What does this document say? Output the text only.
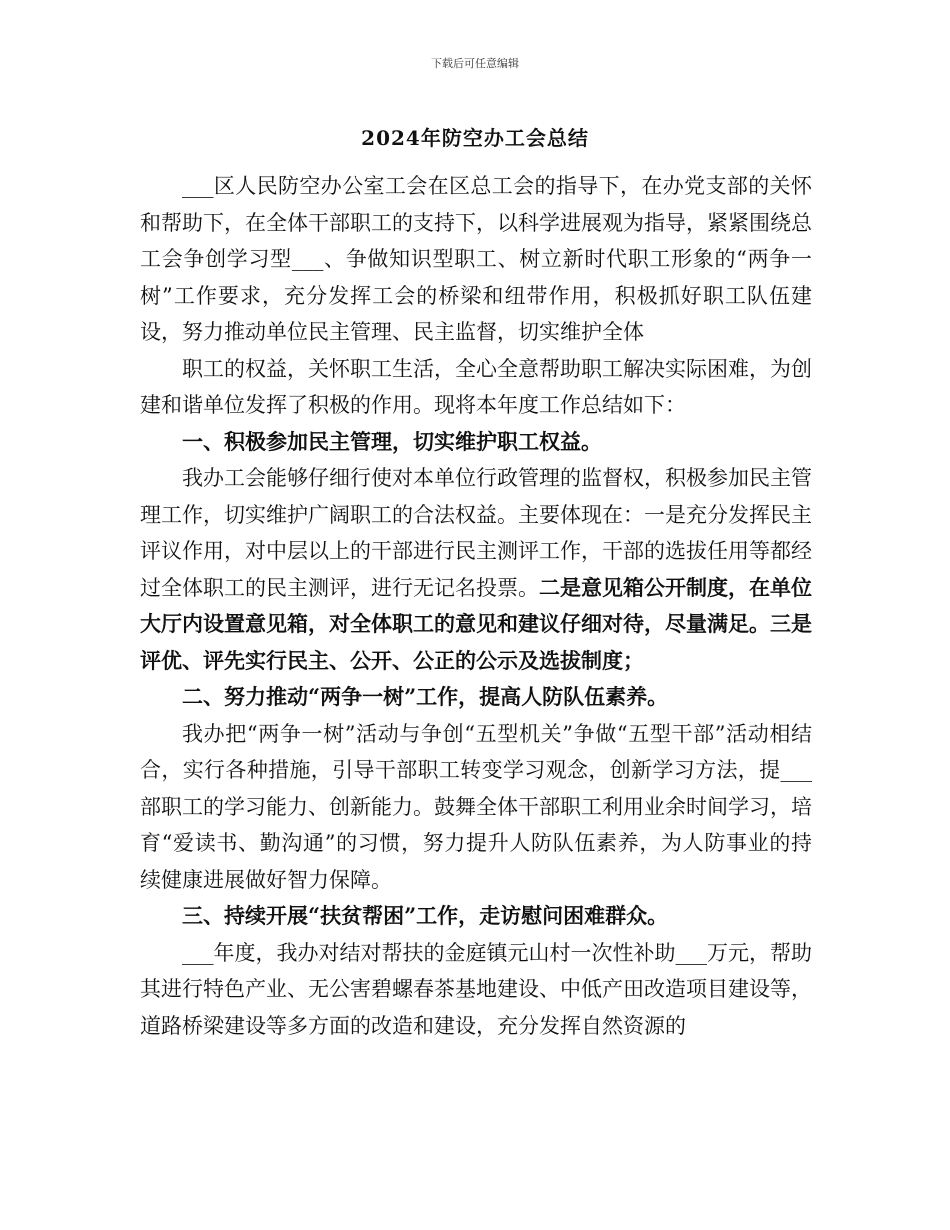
下载后可任意编辑
2024年防空办工会总结

___区人民防空办公室工会在区总工会的指导下，在办党支部的关怀和帮助下，在全体干部职工的支持下，以科学进展观为指导，紧紧围绕总工会争创学习型___、争做知识型职工、树立新时代职工形象的“两争一树”工作要求，充分发挥工会的桥梁和纽带作用，积极抓好职工队伍建设，努力推动单位民主管理、民主监督，切实维护全体

职工的权益，关怀职工生活，全心全意帮助职工解决实际困难，为创建和谐单位发挥了积极的作用。现将本年度工作总结如下：

一、积极参加民主管理，切实维护职工权益。

我办工会能够仔细行使对本单位行政管理的监督权，积极参加民主管理工作，切实维护广阔职工的合法权益。主要体现在：一是充分发挥民主评议作用，对中层以上的干部进行民主测评工作，干部的选拔任用等都经过全体职工的民主测评，进行无记名投票。二是意见箱公开制度，在单位大厅内设置意见箱，对全体职工的意见和建议仔细对待，尽量满足。三是评优、评先实行民主、公开、公正的公示及选拔制度；

二、努力推动“两争一树”工作，提高人防队伍素养。

我办把“两争一树”活动与争创“五型机关”争做“五型干部”活动相结合，实行各种措施，引导干部职工转变学习观念，创新学习方法，提___部职工的学习能力、创新能力。鼓舞全体干部职工利用业余时间学习，培育“爱读书、勤沟通”的习惯，努力提升人防队伍素养，为人防事业的持续健康进展做好智力保障。

三、持续开展“扶贫帮困”工作，走访慰问困难群众。

___年度，我办对结对帮扶的金庭镇元山村一次性补助___万元，帮助其进行特色产业、无公害碧螺春茶基地建设、中低产田改造项目建设等，道路桥梁建设等多方面的改造和建设，充分发挥自然资源的
